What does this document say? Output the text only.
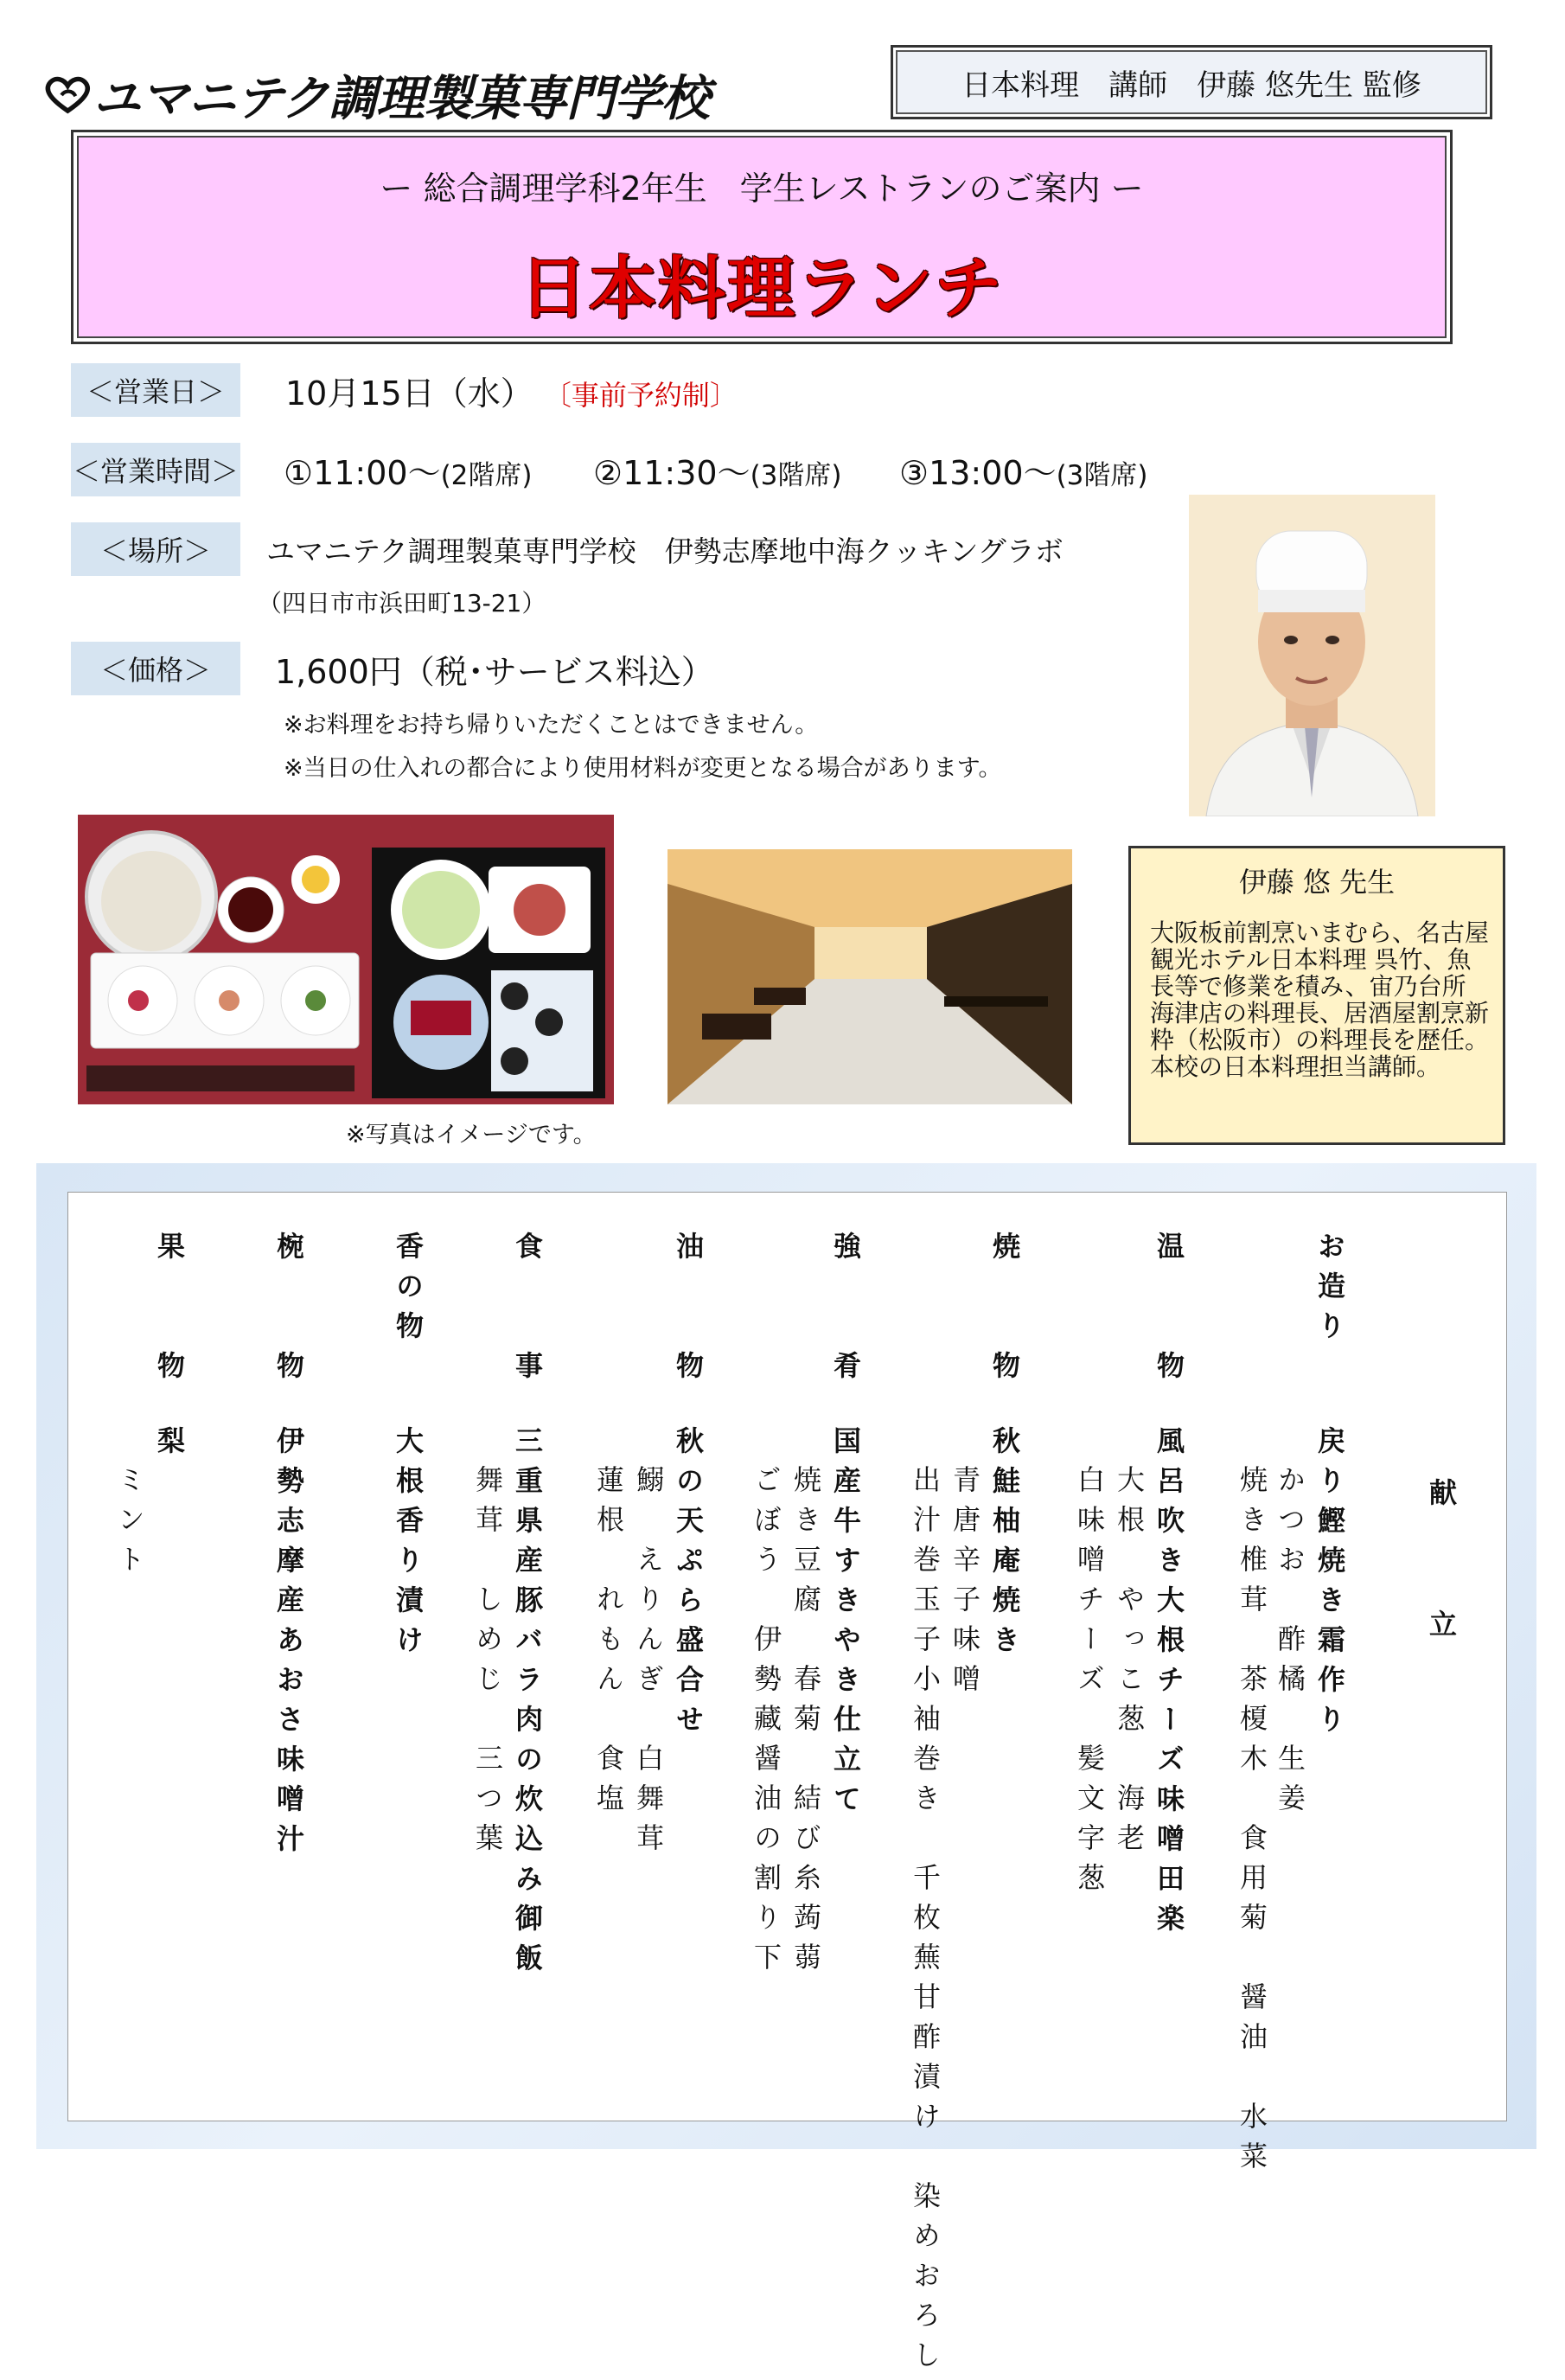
ユマニテク調理製菓専門学校	日本料理　講師　伊藤 悠先生 監修
ー 総合調理学科2年生　学生レストランのご案内 ー
日本料理ランチ
＜営業日＞	10月15日（水） 〔事前予約制〕
＜営業時間＞ ①11:00～(2階席) ②11:30～(3階席) ③13:00～(3階席)
＜場所＞	ユマニテク調理製菓専門学校　伊勢志摩地中海クッキングラボ
（四日市市浜田町13-21）
＜価格＞	1,600円（税･サービス料込）
※お料理をお持ち帰りいただくことはできません。
※当日の仕入れの都合により使用材料が変更となる場合があります。
※写真はイメージです。
伊藤 悠 先生
大阪板前割烹いまむら、名古屋観光ホテル日本料理 呉竹、魚長等で修業を積み、宙乃台所 海津店の料理長、居酒屋割烹新粋（松阪市）の料理長を歴任。本校の日本料理担当講師。
献　立
お造り
戻り鰹焼き霜作り
かつお　酢橘　生姜
焼き椎茸　茶榎木　食用菊　醤油　水菜
温　　物
風呂吹き大根チーズ味噌田楽
大根　やっこ葱　海老
白味噌チーズ　髪文字葱
焼　　物
秋鮭柚庵焼き
青唐辛子味噌
出汁巻玉子小袖巻き　千枚蕪甘酢漬け　染めおろし
強　　肴
国産牛すきやき仕立て
焼き豆腐　春菊　結び糸蒟蒻
ごぼう　伊勢藏醤油の割り下
油　　物
秋の天ぷら盛合せ
鰯　えりんぎ　白舞茸
蓮根　れもん　食塩
食　　事
三重県産豚バラ肉の炊込み御飯
舞茸　しめじ　三つ葉
香の物
大根香り漬け
椀　　物
伊勢志摩産あおさ味噌汁
果　　物
梨
ミント
